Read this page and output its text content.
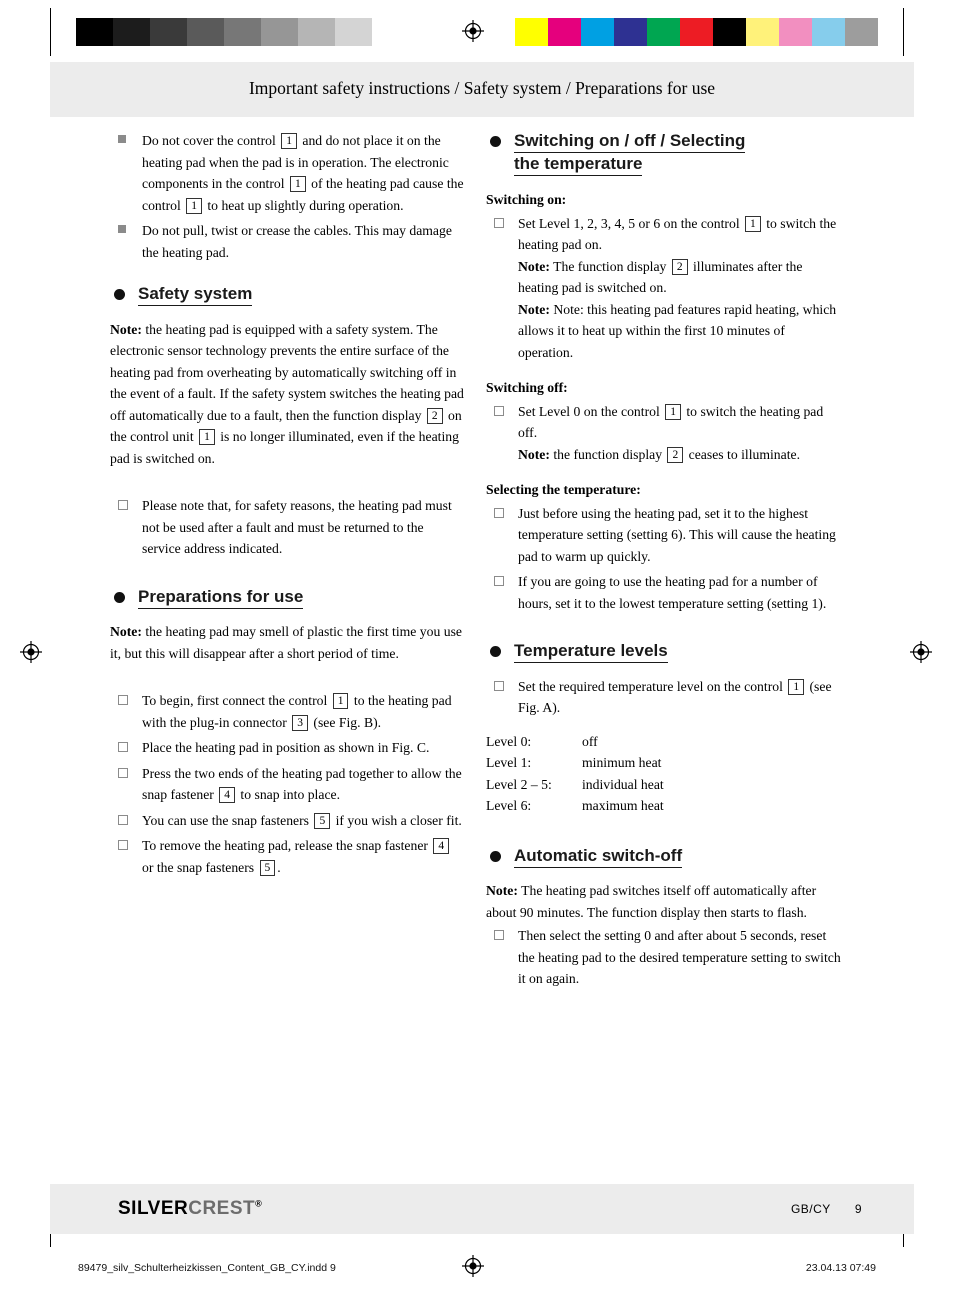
Important safety instructions / Safety system / Preparations for use
Do not cover the control 1 and do not place it on the heating pad when the pad is in operation. The electronic components in the control 1 of the heating pad cause the control 1 to heat up slightly during operation.
Do not pull, twist or crease the cables. This may damage the heating pad.
Safety system

Note: the heating pad is equipped with a safety system. The electronic sensor technology prevents the entire surface of the heating pad from overheating by automatically switching off in the event of a fault. If the safety system switches the heating pad off automatically due to a fault, then the function display 2 on the control unit 1 is no longer illuminated, even if the heating pad is switched on.

Please note that, for safety reasons, the heating pad must not be used after a fault and must be returned to the service address indicated.
Preparations for use

Note: the heating pad may smell of plastic the first time you use it, but this will disappear after a short period of time.

To begin, first connect the control 1 to the heating pad with the plug-in connector 3 (see Fig. B).
Place the heating pad in position as shown in Fig. C.
Press the two ends of the heating pad together to allow the snap fastener 4 to snap into place.
You can use the snap fasteners 5 if you wish a closer fit.
To remove the heating pad, release the snap fastener 4 or the snap fasteners 5 .
Switching on / off / Selecting
the temperature
Switching on:
Set Level 1, 2, 3, 4, 5 or 6 on the control 1 to switch the heating pad on.
Note: The function display 2 illuminates after the heating pad is switched on.
Note: Note: this heating pad features rapid heating, which allows it to heat up within the first 10 minutes of operation.
Switching off:
Set Level 0 on the control 1 to switch the heating pad off.
Note: the function display 2 ceases to illuminate.
Selecting the temperature:
Just before using the heating pad, set it to the highest temperature setting (setting 6). This will cause the heating pad to warm up quickly.
If you are going to use the heating pad for a number of hours, set it to the lowest temperature setting (setting 1).
Temperature levels
Set the required temperature level on the control 1 (see Fig. A).
Level 0:	off
Level 1:	minimum heat
Level 2 – 5:	individual heat
Level 6:	maximum heat
Automatic switch-off

Note: The heating pad switches itself off automatically after about 90 minutes. The function display then starts to flash.

Then select the setting 0 and after about 5 seconds, reset the heating pad to the desired temperature setting to switch it on again.
SILVERCREST®	GB/CY 9
89479_silv_Schulterheizkissen_Content_GB_CY.indd 9	23.04.13 07:49
